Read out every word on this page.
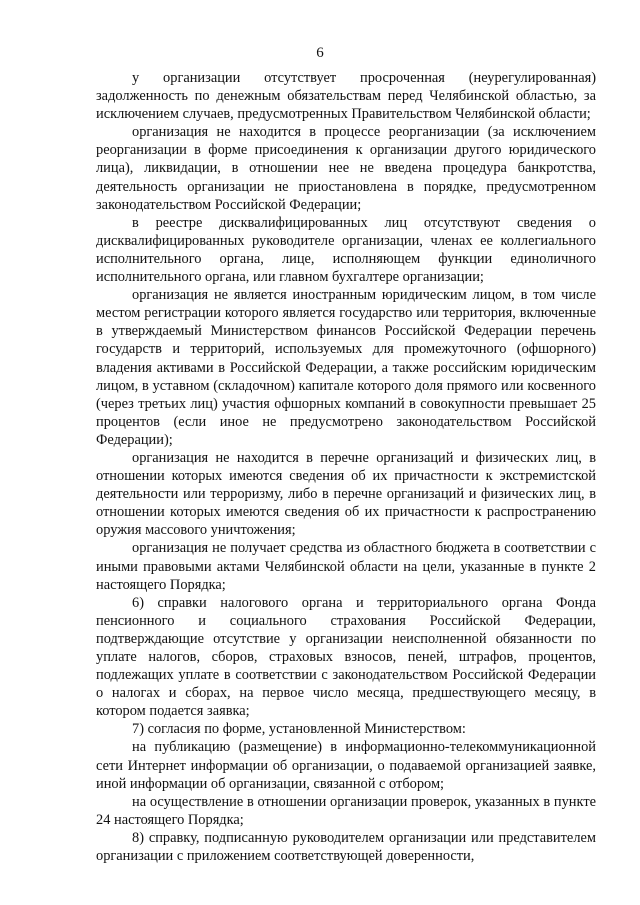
6

у организации отсутствует просроченная (неурегулированная) задолженность по денежным обязательствам перед Челябинской областью, за исключением случаев, предусмотренных Правительством Челябинской области;

организация не находится в процессе реорганизации (за исключением реорганизации в форме присоединения к организации другого юридического лица), ликвидации, в отношении нее не введена процедура банкротства, деятельность организации не приостановлена в порядке, предусмотренном законодательством Российской Федерации;

в реестре дисквалифицированных лиц отсутствуют сведения о дисквалифицированных руководителе организации, членах ее коллегиального исполнительного органа, лице, исполняющем функции единоличного исполнительного органа, или главном бухгалтере организации;

организация не является иностранным юридическим лицом, в том числе местом регистрации которого является государство или территория, включенные в утверждаемый Министерством финансов Российской Федерации перечень государств и территорий, используемых для промежуточного (офшорного) владения активами в Российской Федерации, а также российским юридическим лицом, в уставном (складочном) капитале которого доля прямого или косвенного (через третьих лиц) участия офшорных компаний в совокупности превышает 25 процентов (если иное не предусмотрено законодательством Российской Федерации);

организация не находится в перечне организаций и физических лиц, в отношении которых имеются сведения об их причастности к экстремистской деятельности или терроризму, либо в перечне организаций и физических лиц, в отношении которых имеются сведения об их причастности к распространению оружия массового уничтожения;

организация не получает средства из областного бюджета в соответствии с иными правовыми актами Челябинской области на цели, указанные в пункте 2 настоящего Порядка;

6) справки налогового органа и территориального органа Фонда пенсионного и социального страхования Российской Федерации, подтверждающие отсутствие у организации неисполненной обязанности по уплате налогов, сборов, страховых взносов, пеней, штрафов, процентов, подлежащих уплате в соответствии с законодательством Российской Федерации о налогах и сборах, на первое число месяца, предшествующего месяцу, в котором подается заявка;

7) согласия по форме, установленной Министерством:

на публикацию (размещение) в информационно-телекоммуникационной сети Интернет информации об организации, о подаваемой организацией заявке, иной информации об организации, связанной с отбором;

на осуществление в отношении организации проверок, указанных в пункте 24 настоящего Порядка;

8) справку, подписанную руководителем организации или представителем организации с приложением соответствующей доверенности,
